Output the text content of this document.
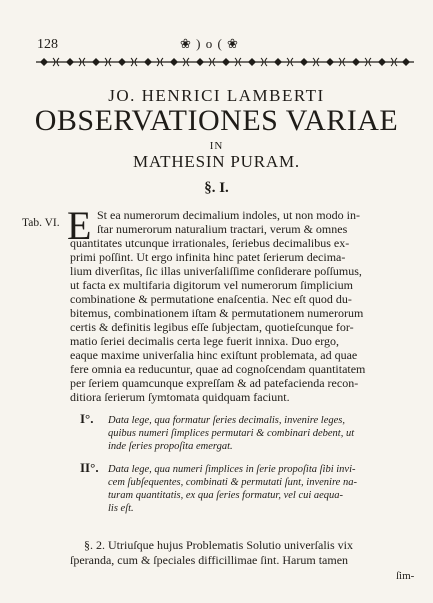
128	❀ ) o ( ❀
JO. HENRICI LAMBERTI
OBSERVATIONES VARIAE
IN
MATHESIN PURAM.
§. I.
Tab. VI. E St ea numerorum decimalium indoles, ut non modo in-
ſtar numerorum naturalium tractari, verum & omnes
quantitates utcunque irrationales, ſeriebus decimalibus ex-
primi poſſint. Ut ergo infinita hinc patet ſerierum decima-
lium diverſitas, ſic illas univerſaliſſime conſiderare poſſumus,
ut facta ex multifaria digitorum vel numerorum ſimplicium
combinatione & permutatione enaſcentia. Nec eſt quod du-
bitemus, combinationem iſtam & permutationem numerorum
certis & definitis legibus eſſe ſubjectam, quotieſcunque for-
matio ſeriei decimalis certa lege fuerit innixa. Duo ergo,
eaque maxime univerſalia hinc exiſtunt problemata, ad quae
fere omnia ea reducuntur, quae ad cognoſcendam quantitatem
per ſeriem quamcunque expreſſam & ad patefacienda recon-
ditiora ſerierum ſymtomata quidquam faciunt.
I°. Data lege, qua formatur ſeries decimalis, invenire leges,
quibus numeri ſimplices permutari & combinari debent, ut
inde ſeries propoſita emergat.
II°. Data lege, qua numeri ſimplices in ſerie propoſita ſibi invi-
cem ſubſequentes, combinati & permutati ſunt, invenire na-
turam quantitatis, ex qua ſeries formatur, vel cui aequa-
lis eſt.
§. 2. Utriuſque hujus Problematis Solutio univerſalis vix
ſperanda, cum & ſpeciales difficillimae ſint. Harum tamen
ſim-
